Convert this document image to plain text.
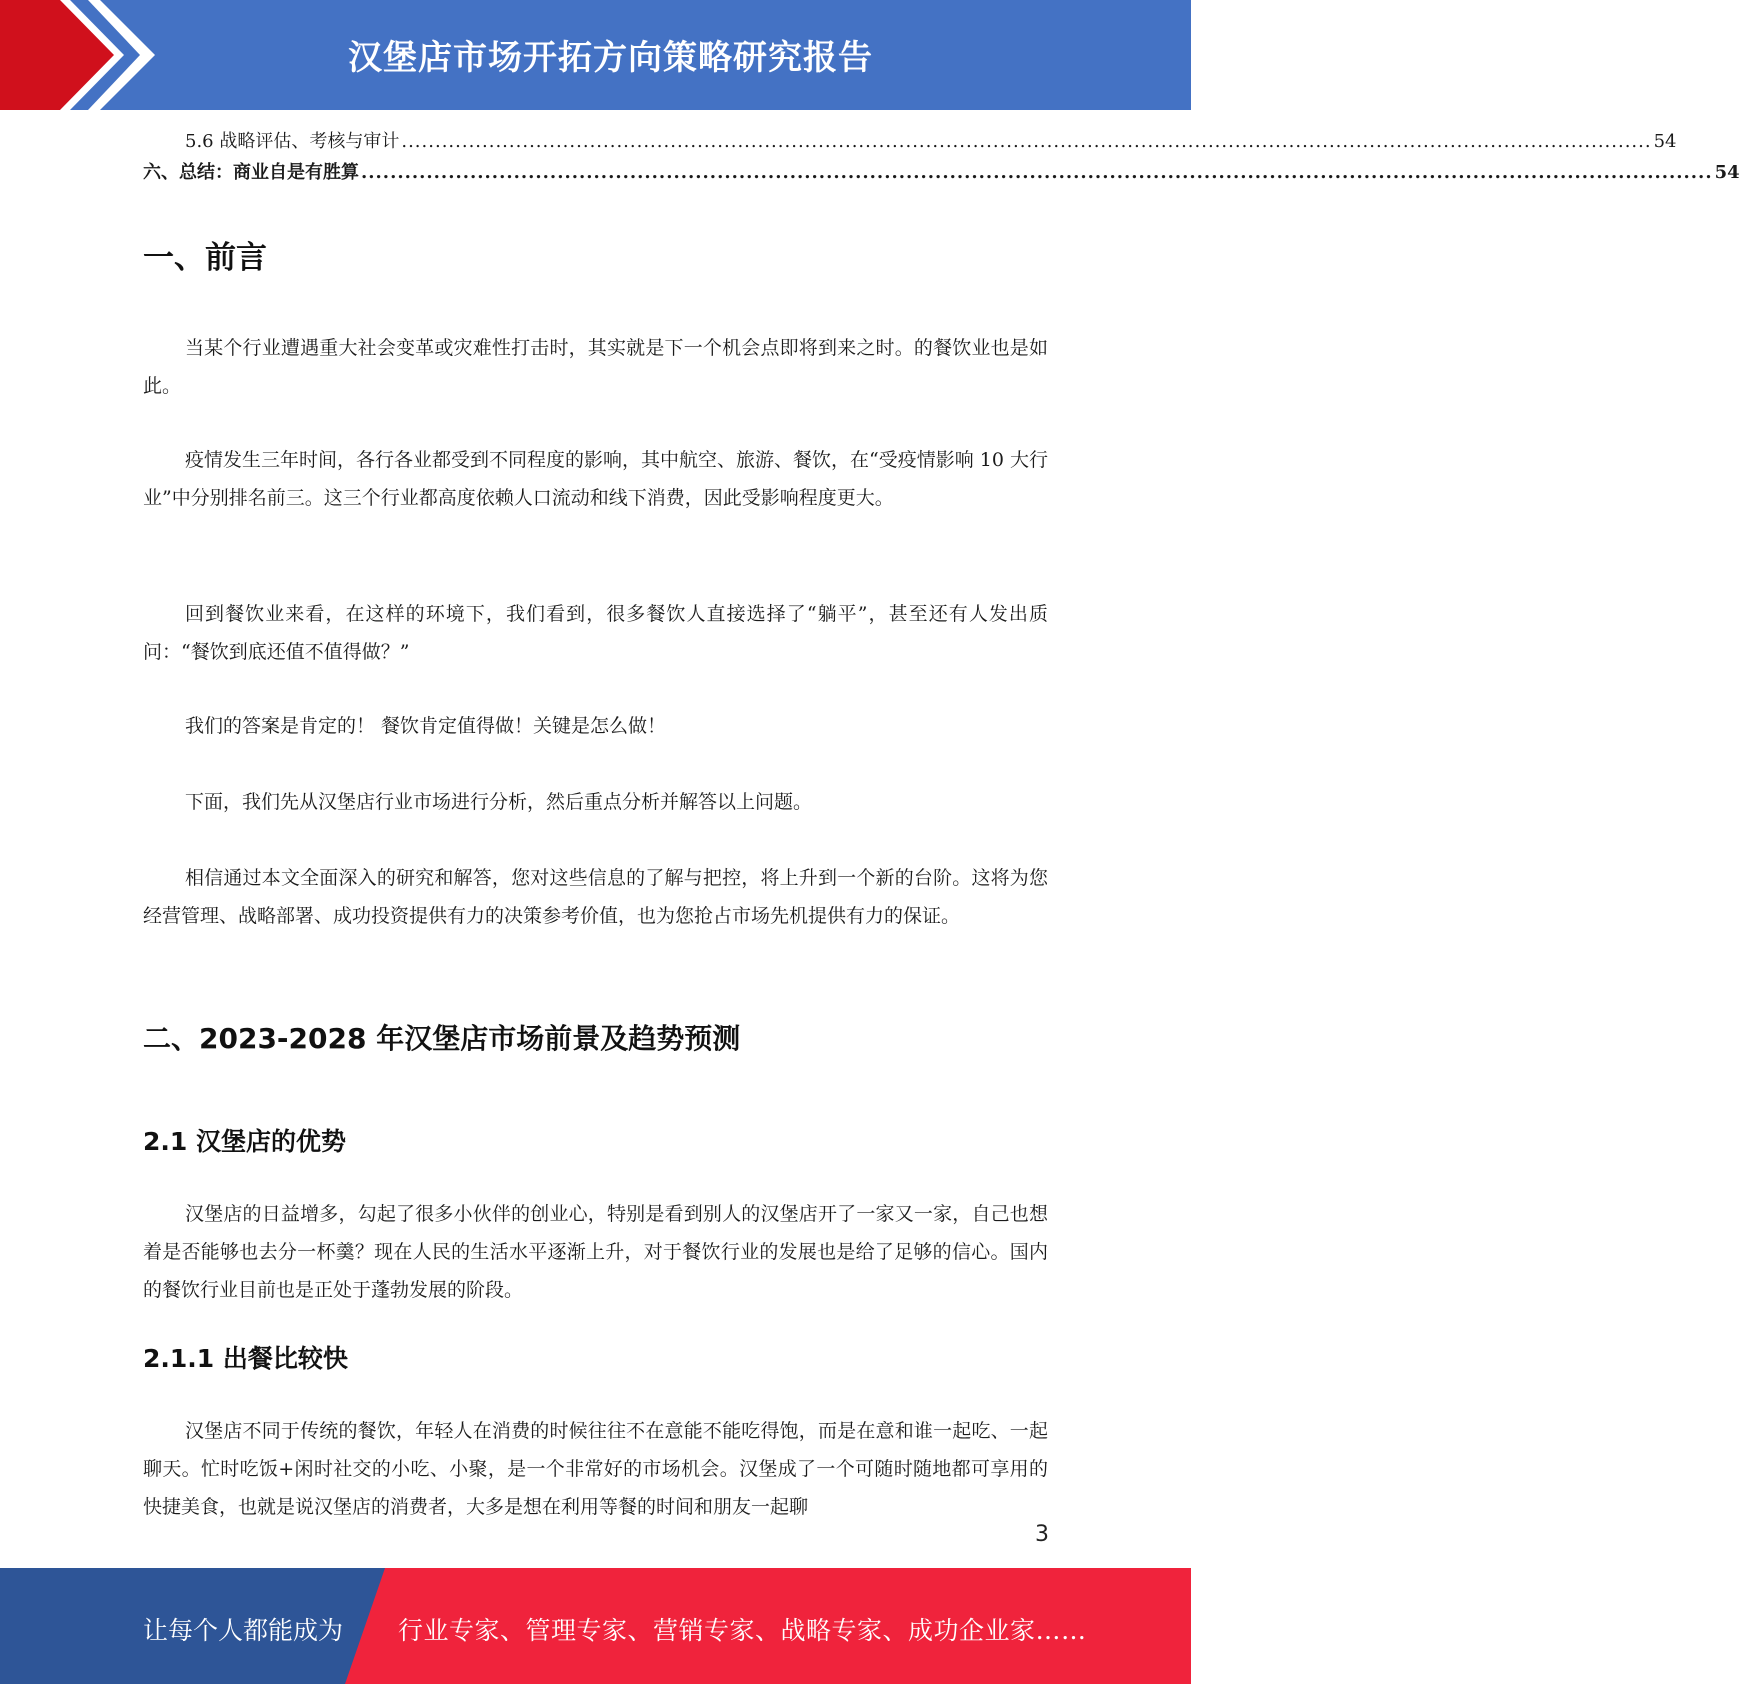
汉堡店市场开拓方向策略研究报告
5.6 战略评估、考核与审计 .......................................................................................................................................................................................... 54
六、总结：商业自是有胜算 .......................................................................................................................................................................................... 54
一、前言

当某个行业遭遇重大社会变革或灾难性打击时，其实就是下一个机会点即将到来之时。的餐饮业也是如此。

疫情发生三年时间，各行各业都受到不同程度的影响，其中航空、旅游、餐饮，在“受疫情影响 10 大行业”中分别排名前三。这三个行业都高度依赖人口流动和线下消费，因此受影响程度更大。

回到餐饮业来看，在这样的环境下，我们看到，很多餐饮人直接选择了“躺平”，甚至还有人发出质问：“餐饮到底还值不值得做？”

我们的答案是肯定的！ 餐饮肯定值得做！关键是怎么做！

下面，我们先从汉堡店行业市场进行分析，然后重点分析并解答以上问题。

相信通过本文全面深入的研究和解答，您对这些信息的了解与把控，将上升到一个新的台阶。这将为您经营管理、战略部署、成功投资提供有力的决策参考价值，也为您抢占市场先机提供有力的保证。

二、2023-2028 年汉堡店市场前景及趋势预测
2.1 汉堡店的优势

汉堡店的日益增多，勾起了很多小伙伴的创业心，特别是看到别人的汉堡店开了一家又一家，自己也想着是否能够也去分一杯羹？现在人民的生活水平逐渐上升，对于餐饮行业的发展也是给了足够的信心。国内的餐饮行业目前也是正处于蓬勃发展的阶段。

2.1.1 出餐比较快

汉堡店不同于传统的餐饮，年轻人在消费的时候往往不在意能不能吃得饱，而是在意和谁一起吃、一起聊天。忙时吃饭+闲时社交的小吃、小聚，是一个非常好的市场机会。汉堡成了一个可随时随地都可享用的快捷美食，也就是说汉堡店的消费者，大多是想在利用等餐的时间和朋友一起聊

3
让每个人都能成为 行业专家、管理专家、营销专家、战略专家、成功企业家……
